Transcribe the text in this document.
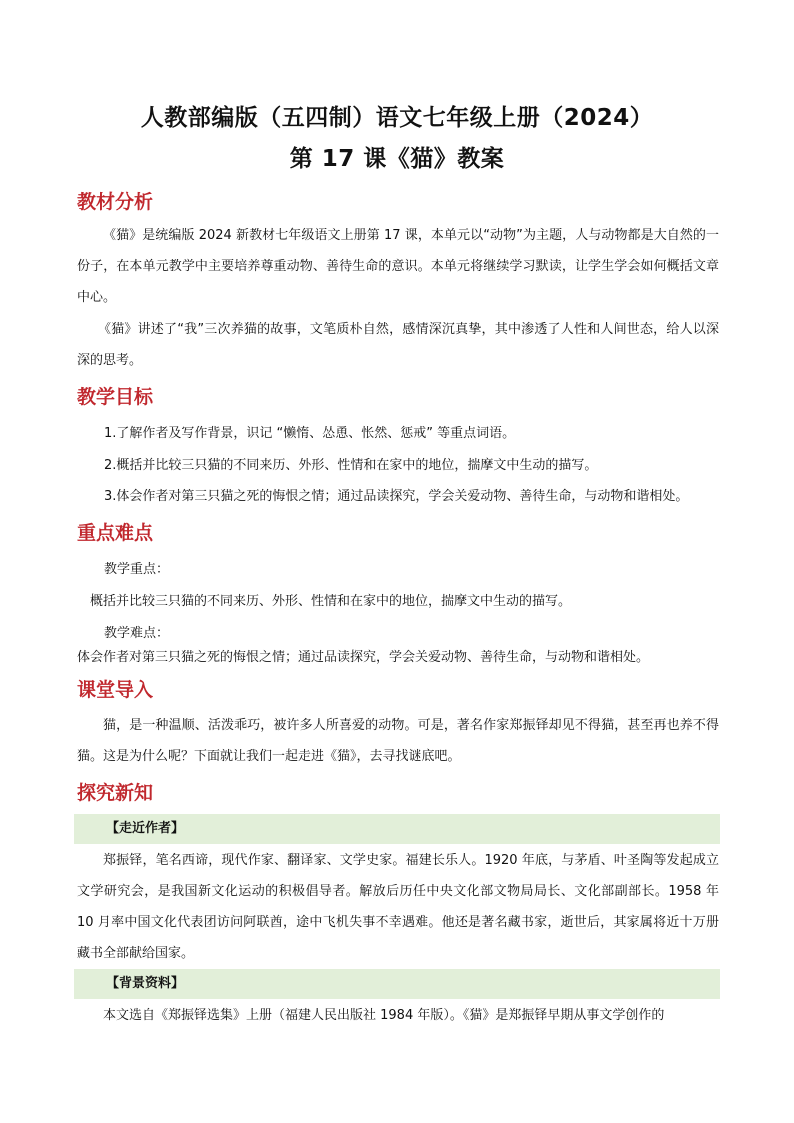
人教部编版（五四制）语文七年级上册（2024）
第 17 课《猫》教案
教材分析
《猫》是统编版 2024 新教材七年级语文上册第 17 课，本单元以“动物”为主题，人与动物都是大自然的一份子，在本单元教学中主要培养尊重动物、善待生命的意识。本单元将继续学习默读，让学生学会如何概括文章中心。
《猫》讲述了“我”三次养猫的故事，文笔质朴自然，感情深沉真挚，其中渗透了人性和人间世态，给人以深深的思考。
教学目标
1.了解作者及写作背景，识记 “懒惰、怂恿、怅然、惩戒” 等重点词语。
2.概括并比较三只猫的不同来历、外形、性情和在家中的地位，揣摩文中生动的描写。
3.体会作者对第三只猫之死的悔恨之情；通过品读探究，学会关爱动物、善待生命，与动物和谐相处。
重点难点
教学重点：
概括并比较三只猫的不同来历、外形、性情和在家中的地位，揣摩文中生动的描写。
教学难点：
体会作者对第三只猫之死的悔恨之情；通过品读探究，学会关爱动物、善待生命，与动物和谐相处。
课堂导入
猫，是一种温顺、活泼乖巧，被许多人所喜爱的动物。可是，著名作家郑振铎却见不得猫，甚至再也养不得猫。这是为什么呢？下面就让我们一起走进《猫》，去寻找谜底吧。
探究新知
【走近作者】
郑振铎，笔名西谛，现代作家、翻译家、文学史家。福建长乐人。1920 年底，与茅盾、叶圣陶等发起成立文学研究会，是我国新文化运动的积极倡导者。解放后历任中央文化部文物局局长、文化部副部长。1958 年 10 月率中国文化代表团访问阿联酋，途中飞机失事不幸遇难。他还是著名藏书家，逝世后，其家属将近十万册藏书全部献给国家。
【背景资料】
本文选自《郑振铎选集》上册（福建人民出版社 1984 年版）。《猫》是郑振铎早期从事文学创作的
